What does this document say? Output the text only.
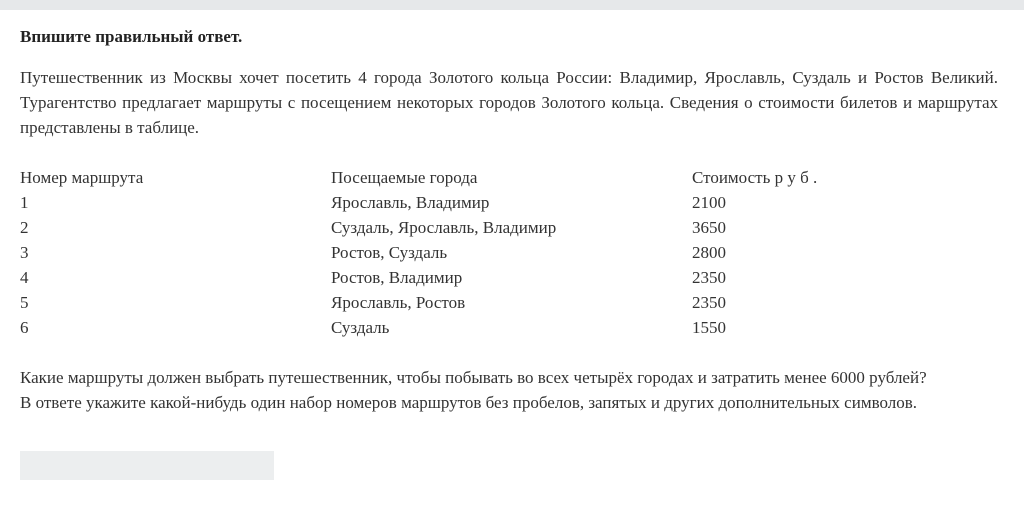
Впишите правильный ответ.
Путешественник из Москвы хочет посетить 4 города Золотого кольца России: Владимир, Ярославль, Суздаль и Ростов Великий. Турагентство предлагает маршруты с посещением некоторых городов Золотого кольца. Сведения о стоимости билетов и маршрутах представлены в таблице.
Номер маршрута	Посещаемые города	Стоимость р у б .
1	Ярославль, Владимир	2100
2	Суздаль, Ярославль, Владимир	3650
3	Ростов, Суздаль	2800
4	Ростов, Владимир	2350
5	Ярославль, Ростов	2350
6	Суздаль	1550
Какие маршруты должен выбрать путешественник, чтобы побывать во всех четырёх городах и затратить менее 6000 рублей?
В ответе укажите какой-нибудь один набор номеров маршрутов без пробелов, запятых и других дополнительных символов.
